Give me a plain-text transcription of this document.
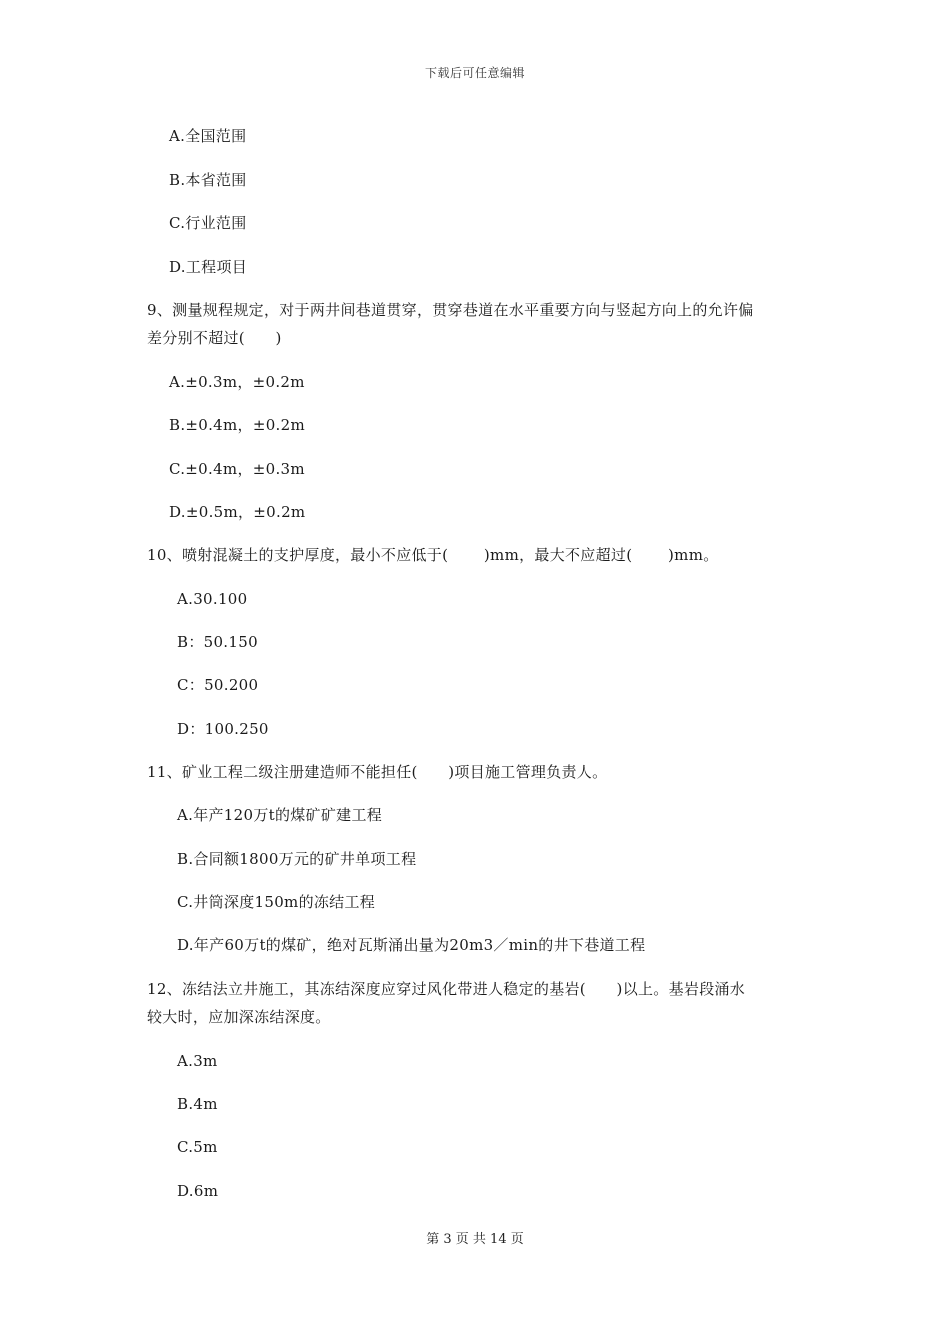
下载后可任意编辑
A.全国范围
B.本省范围
C.行业范围
D.工程项目
9、测量规程规定，对于两井间巷道贯穿，贯穿巷道在水平重要方向与竖起方向上的允许偏
差分别不超过(　　)
A.±0.3m，±0.2m
B.±0.4m，±0.2m
C.±0.4m，±0.3m
D.±0.5m，±0.2m
10、喷射混凝土的支护厚度，最小不应低于(　　 )mm，最大不应超过(　　 )mm。
A.30.100
B：50.150
C：50.200
D：100.250
11、矿业工程二级注册建造师不能担任(　　)项目施工管理负责人。
A.年产120万t的煤矿矿建工程
B.合同额1800万元的矿井单项工程
C.井筒深度150m的冻结工程
D.年产60万t的煤矿，绝对瓦斯涌出量为20m3／min的井下巷道工程
12、冻结法立井施工，其冻结深度应穿过风化带进人稳定的基岩(　　)以上。基岩段涌水
较大时，应加深冻结深度。
A.3m
B.4m
C.5m
D.6m
第 3 页 共 14 页
